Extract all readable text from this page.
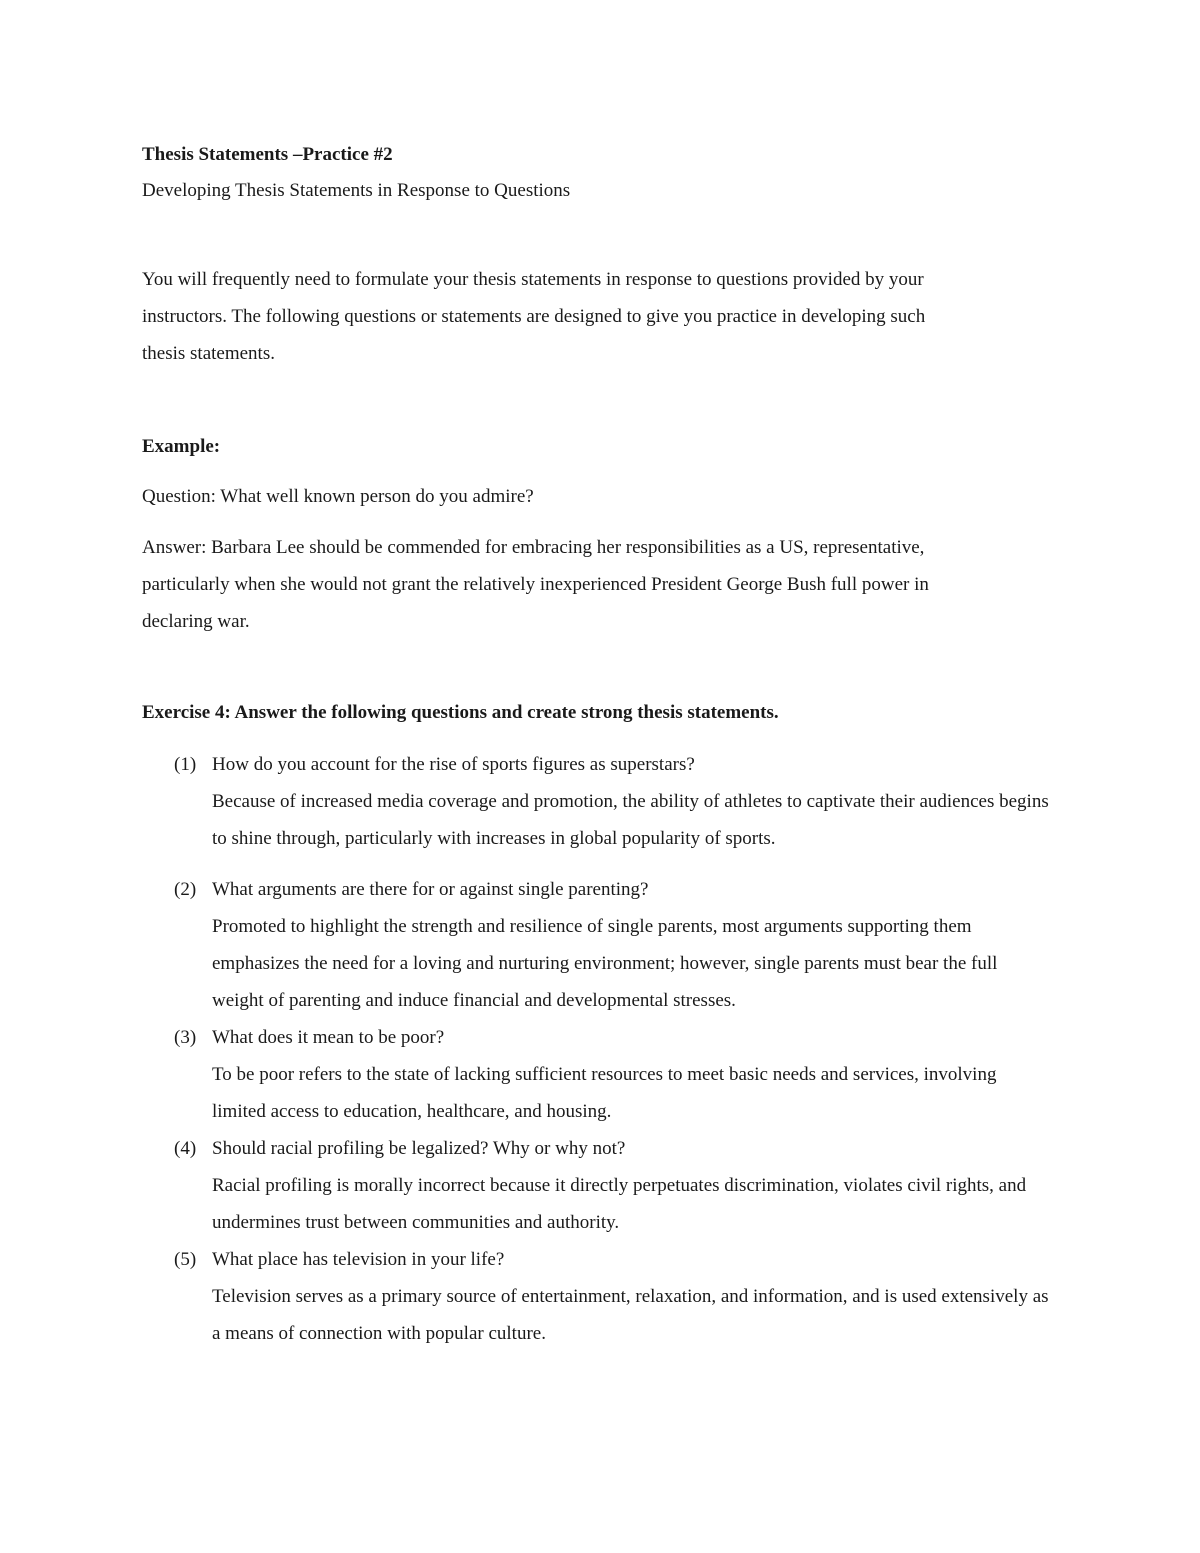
Thesis Statements –Practice #2

Developing Thesis Statements in Response to Questions

You will frequently need to formulate your thesis statements in response to questions provided by your instructors. The following questions or statements are designed to give you practice in developing such thesis statements.

Example:

Question: What well known person do you admire?

Answer: Barbara Lee should be commended for embracing her responsibilities as a US, representative, particularly when she would not grant the relatively inexperienced President George Bush full power in declaring war.

Exercise 4: Answer the following questions and create strong thesis statements.

(1) How do you account for the rise of sports figures as superstars?
Because of increased media coverage and promotion, the ability of athletes to captivate their audiences begins to shine through, particularly with increases in global popularity of sports.
(2) What arguments are there for or against single parenting?
Promoted to highlight the strength and resilience of single parents, most arguments supporting them emphasizes the need for a loving and nurturing environment; however, single parents must bear the full weight of parenting and induce financial and developmental stresses.
(3) What does it mean to be poor?
To be poor refers to the state of lacking sufficient resources to meet basic needs and services, involving limited access to education, healthcare, and housing.
(4) Should racial profiling be legalized? Why or why not?
Racial profiling is morally incorrect because it directly perpetuates discrimination, violates civil rights, and undermines trust between communities and authority.
(5) What place has television in your life?
Television serves as a primary source of entertainment, relaxation, and information, and is used extensively as a means of connection with popular culture.
